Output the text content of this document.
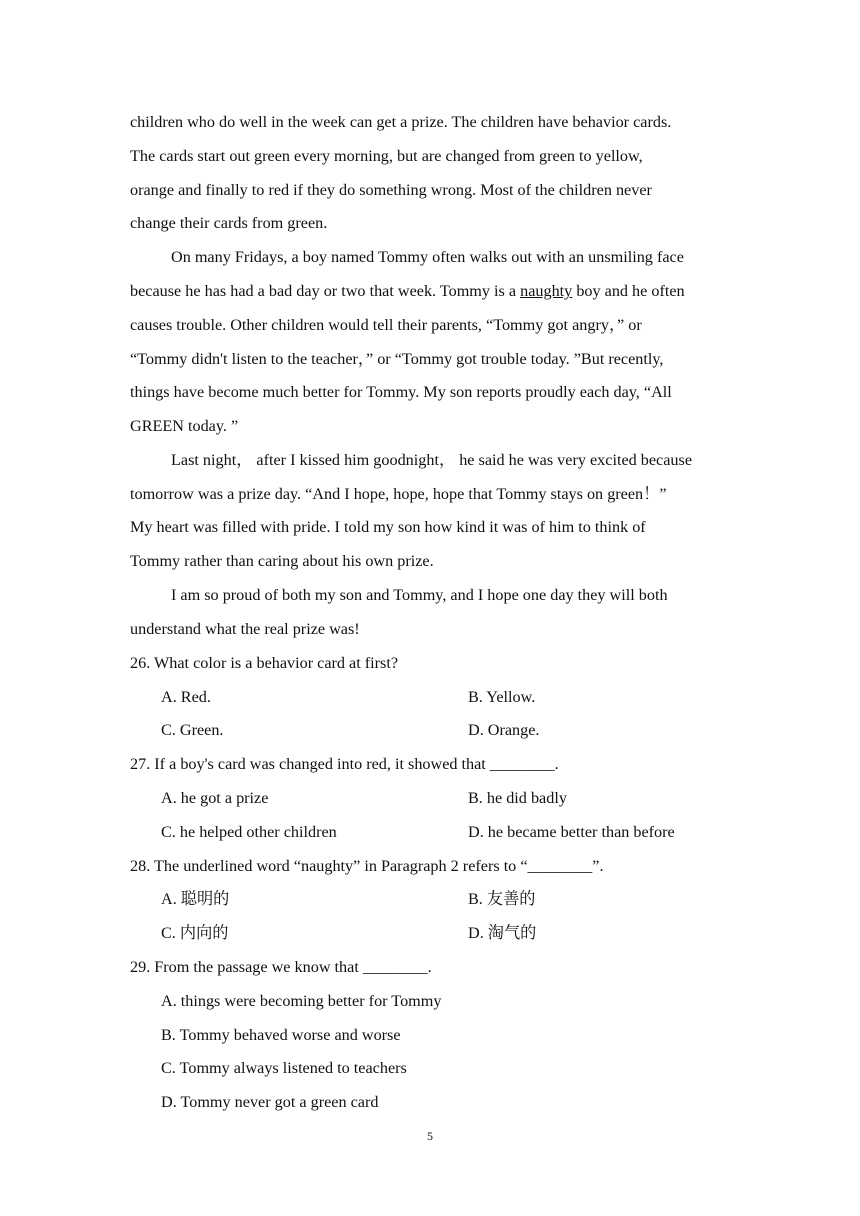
children who do well in the week can get a prize. The children have behavior cards.
The cards start out green every morning, but are changed from green to yellow,
orange and finally to red if they do something wrong. Most of the children never
change their cards from green.
On many Fridays, a boy named Tommy often walks out with an unsmiling face
because he has had a bad day or two that week. Tommy is a naughty boy and he often
causes trouble. Other children would tell their parents, “Tommy got angry，” or
“Tommy didn't listen to the teacher，” or “Tommy got trouble today. ”But recently,
things have become much better for Tommy. My son reports proudly each day, “All
GREEN today. ”
Last night， after I kissed him goodnight， he said he was very excited because
tomorrow was a prize day. “And I hope, hope, hope that Tommy stays on green！”
My heart was filled with pride. I told my son how kind it was of him to think of
Tommy rather than caring about his own prize.
I am so proud of both my son and Tommy, and I hope one day they will both
understand what the real prize was!
26. What color is a behavior card at first?
A. Red.	B. Yellow.
C. Green.	D. Orange.
27. If a boy's card was changed into red, it showed that ________.
A. he got a prize	B. he did badly
C. he helped other children	D. he became better than before
28. The underlined word “naughty” in Paragraph 2 refers to “________”.
A. 聪明的	B. 友善的
C. 内向的	D. 淘气的
29. From the passage we know that ________.
A. things were becoming better for Tommy
B. Tommy behaved worse and worse
C. Tommy always listened to teachers
D. Tommy never got a green card
5
